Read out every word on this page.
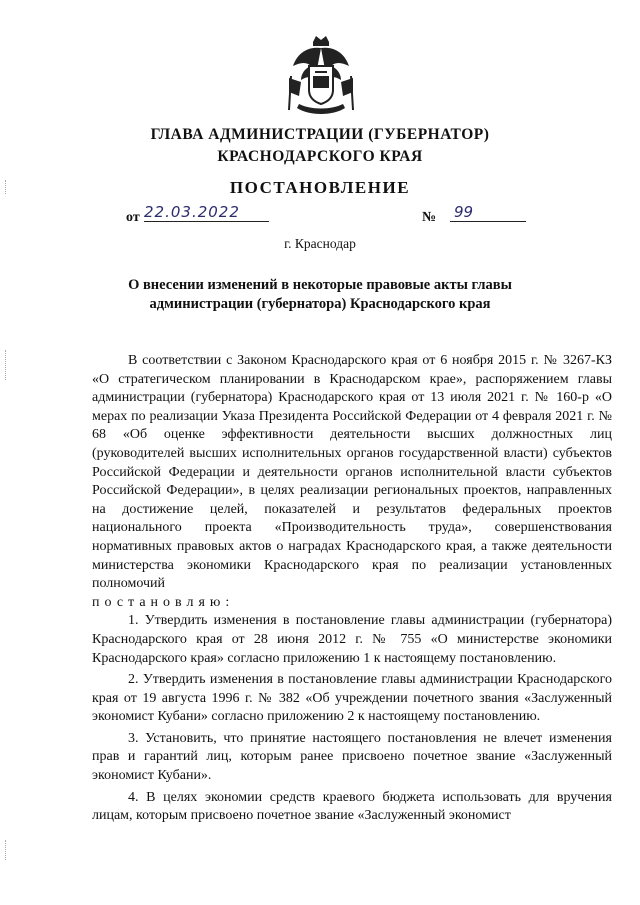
ГЛАВА АДМИНИСТРАЦИИ (ГУБЕРНАТОР)
КРАСНОДАРСКОГО КРАЯ
ПОСТАНОВЛЕНИЕ
от 22.03.2022	№ 99
г. Краснодар
О внесении изменений в некоторые правовые акты главы администрации (губернатора) Краснодарского края

В соответствии с Законом Краснодарского края от 6 ноября 2015 г. № 3267-КЗ «О стратегическом планировании в Краснодарском крае», распоряжением главы администрации (губернатора) Краснодарского края от 13 июля 2021 г. № 160-р «О мерах по реализации Указа Президента Российской Федерации от 4 февраля 2021 г. № 68 «Об оценке эффективности деятельности высших должностных лиц (руководителей высших исполнительных органов государственной власти) субъектов Российской Федерации и деятельности органов исполнительной власти субъектов Российской Федерации», в целях реализации региональных проектов, направленных на достижение целей, показателей и результатов федеральных проектов национального проекта «Производительность труда», совершенствования нормативных правовых актов о наградах Краснодарского края, а также деятельности министерства экономики Краснодарского края по реализации установленных полномочий

постановляю:

1. Утвердить изменения в постановление главы администрации (губернатора) Краснодарского края от 28 июня 2012 г. № 755 «О министерстве экономики Краснодарского края» согласно приложению 1 к настоящему постановлению.

2. Утвердить изменения в постановление главы администрации Краснодарского края от 19 августа 1996 г. № 382 «Об учреждении почетного звания «Заслуженный экономист Кубани» согласно приложению 2 к настоящему постановлению.

3. Установить, что принятие настоящего постановления не влечет изменения прав и гарантий лиц, которым ранее присвоено почетное звание «Заслуженный экономист Кубани».

4. В целях экономии средств краевого бюджета использовать для вручения лицам, которым присвоено почетное звание «Заслуженный экономист
